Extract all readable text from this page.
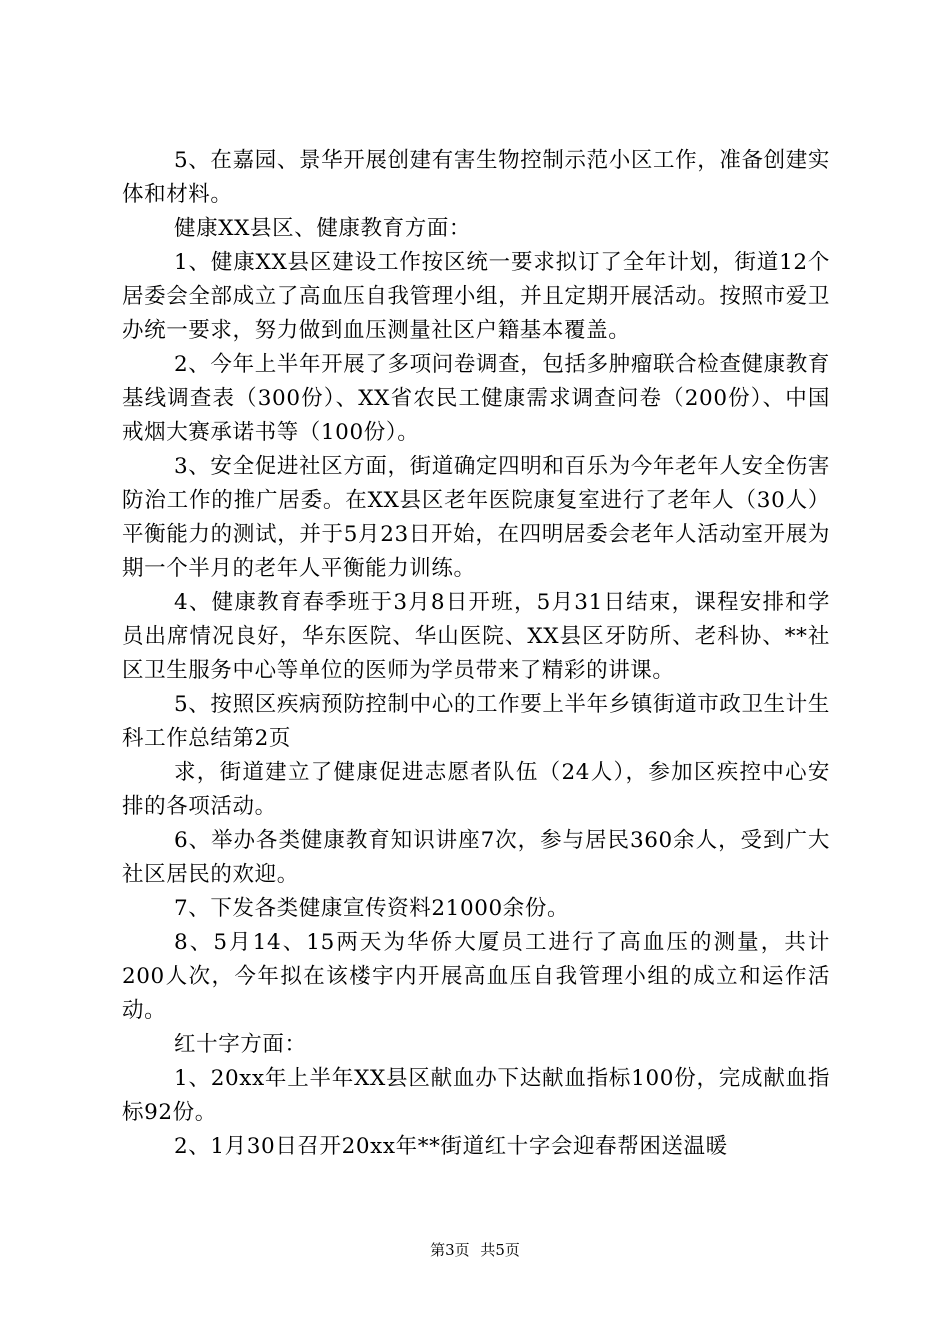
5、在嘉园、景华开展创建有害生物控制示范小区工作，准备创建实体和材料。

健康XX县区、健康教育方面：

1、健康XX县区建设工作按区统一要求拟订了全年计划，街道12个居委会全部成立了高血压自我管理小组，并且定期开展活动。按照市爱卫办统一要求，努力做到血压测量社区户籍基本覆盖。

2、今年上半年开展了多项问卷调查，包括多肿瘤联合检查健康教育基线调查表（300份）、XX省农民工健康需求调查问卷（200份）、中国戒烟大赛承诺书等（100份）。

3、安全促进社区方面，街道确定四明和百乐为今年老年人安全伤害防治工作的推广居委。在XX县区老年医院康复室进行了老年人（30人）平衡能力的测试，并于5月23日开始，在四明居委会老年人活动室开展为期一个半月的老年人平衡能力训练。

4、健康教育春季班于3月8日开班，5月31日结束，课程安排和学员出席情况良好，华东医院、华山医院、XX县区牙防所、老科协、**社区卫生服务中心等单位的医师为学员带来了精彩的讲课。

5、按照区疾病预防控制中心的工作要上半年乡镇街道市政卫生计生科工作总结第2页

求，街道建立了健康促进志愿者队伍（24人），参加区疾控中心安排的各项活动。

6、举办各类健康教育知识讲座7次，参与居民360余人，受到广大社区居民的欢迎。

7、下发各类健康宣传资料21000余份。

8、5月14、15两天为华侨大厦员工进行了高血压的测量，共计200人次，今年拟在该楼宇内开展高血压自我管理小组的成立和运作活动。

红十字方面：

1、20xx年上半年XX县区献血办下达献血指标100份，完成献血指标92份。

2、1月30日召开20xx年**街道红十字会迎春帮困送温暖

第3页 共5页
